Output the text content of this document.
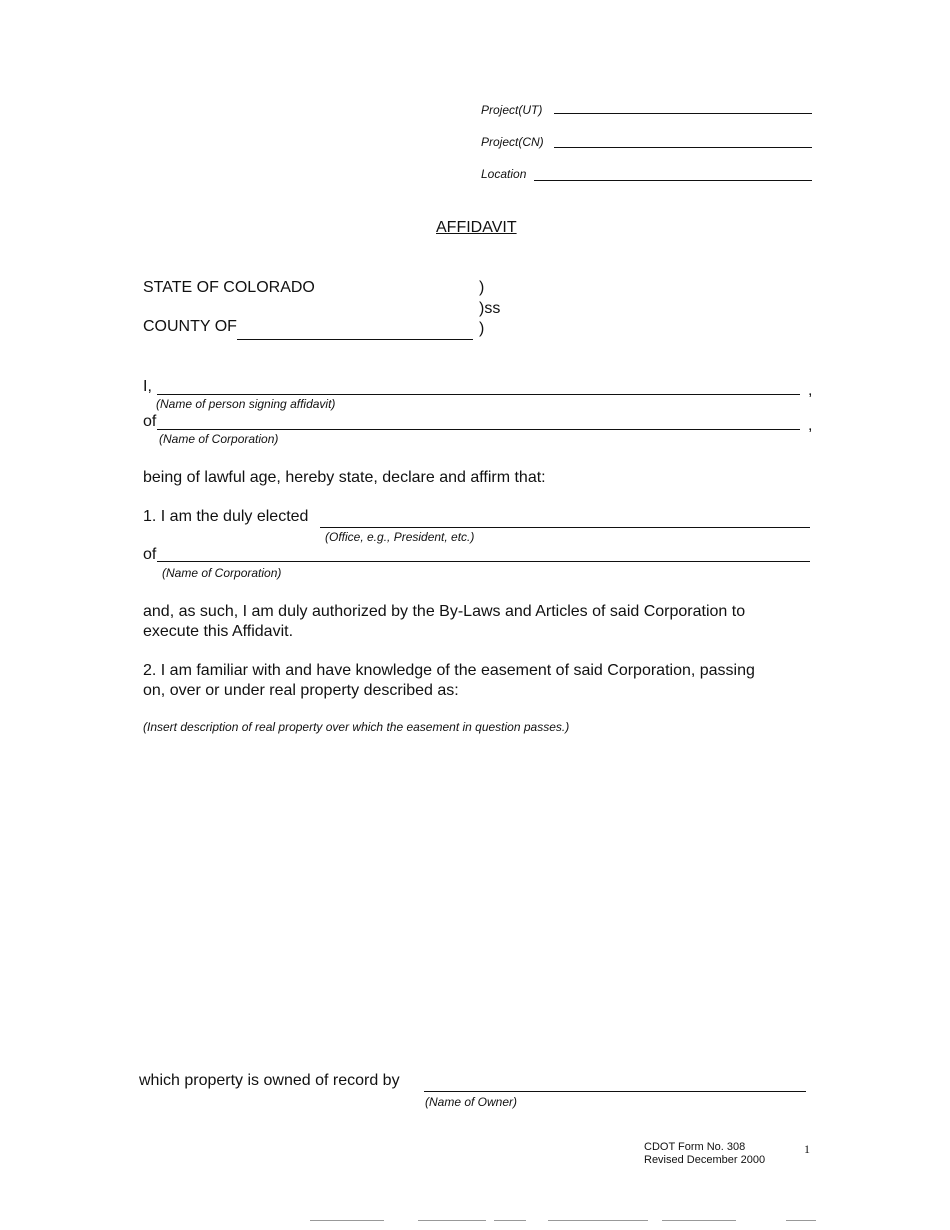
Project(UT)
Project(CN)
Location
AFFIDAVIT
STATE OF COLORADO	)
)ss
COUNTY OF	)
I,	,
(Name of person signing affidavit)
of	,
(Name of Corporation)
being of lawful age, hereby state, declare and affirm that:
1. I am the duly elected
(Office, e.g., President, etc.)
of
(Name of Corporation)
and, as such, I am duly authorized by the By-Laws and Articles of said Corporation to
execute this Affidavit.
2. I am familiar with and have knowledge of the easement of said Corporation, passing
on, over or under real property described as:
(Insert description of real property over which the easement in question passes.)
which property is owned of record by
(Name of Owner)
CDOT Form No. 308
Revised December 2000
1
